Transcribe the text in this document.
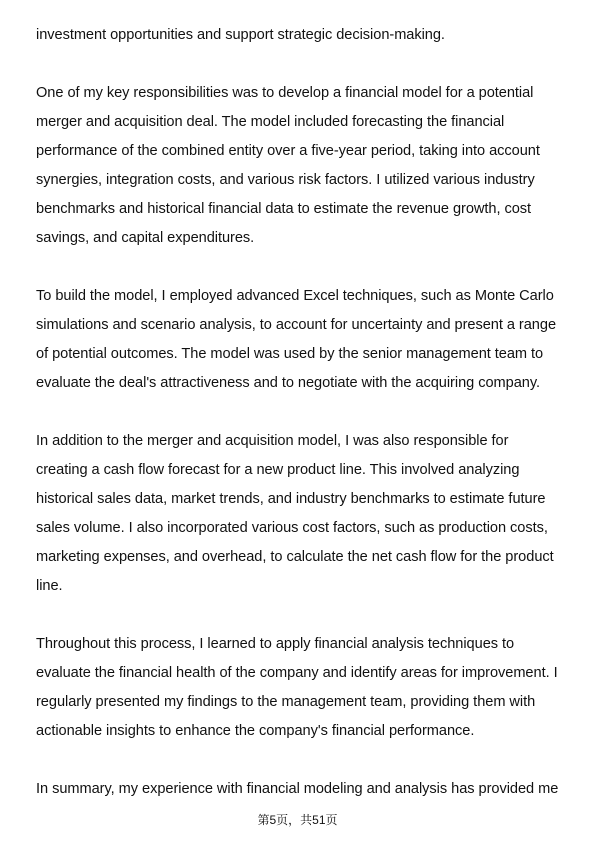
investment opportunities and support strategic decision-making.

One of my key responsibilities was to develop a financial model for a potential
merger and acquisition deal. The model included forecasting the financial
performance of the combined entity over a five-year period, taking into account
synergies, integration costs, and various risk factors. I utilized various industry
benchmarks and historical financial data to estimate the revenue growth, cost
savings, and capital expenditures.

To build the model, I employed advanced Excel techniques, such as Monte Carlo
simulations and scenario analysis, to account for uncertainty and present a range
of potential outcomes. The model was used by the senior management team to
evaluate the deal's attractiveness and to negotiate with the acquiring company.

In addition to the merger and acquisition model, I was also responsible for
creating a cash flow forecast for a new product line. This involved analyzing
historical sales data, market trends, and industry benchmarks to estimate future
sales volume. I also incorporated various cost factors, such as production costs,
marketing expenses, and overhead, to calculate the net cash flow for the product
line.

Throughout this process, I learned to apply financial analysis techniques to
evaluate the financial health of the company and identify areas for improvement. I
regularly presented my findings to the management team, providing them with
actionable insights to enhance the company's financial performance.

In summary, my experience with financial modeling and analysis has provided me

第5页，共51页
